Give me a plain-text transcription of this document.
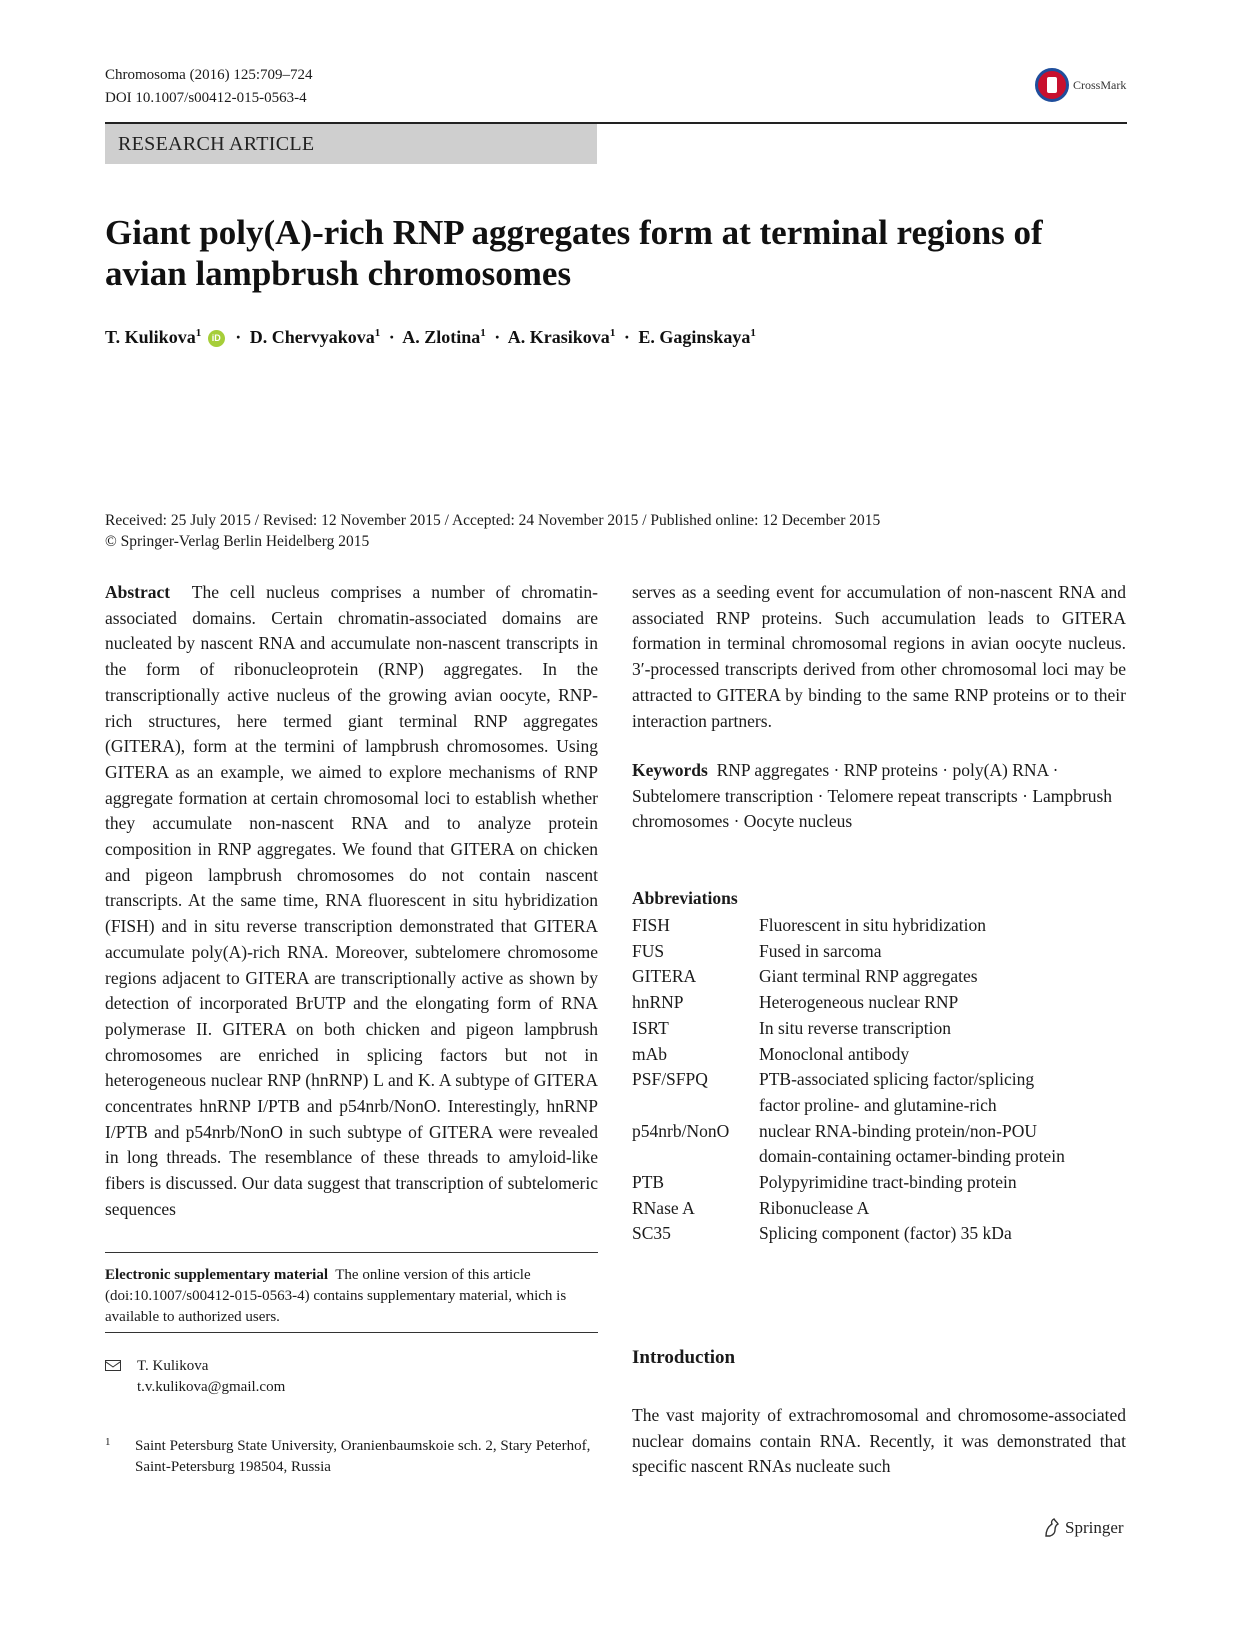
Chromosoma (2016) 125:709–724
DOI 10.1007/s00412-015-0563-4
CrossMark
RESEARCH ARTICLE
Giant poly(A)-rich RNP aggregates form at terminal regions of avian lampbrush chromosomes
T. Kulikova$^1$ iD · D. Chervyakova$^1$ · A. Zlotina$^1$ · A. Krasikova$^1$ · E. Gaginskaya$^1$
Received: 25 July 2015 / Revised: 12 November 2015 / Accepted: 24 November 2015 / Published online: 12 December 2015
© Springer-Verlag Berlin Heidelberg 2015
Abstract The cell nucleus comprises a number of chromatin-associated domains. Certain chromatin-associated domains are nucleated by nascent RNA and accumulate non-nascent transcripts in the form of ribonucleoprotein (RNP) aggregates. In the transcriptionally active nucleus of the growing avian oocyte, RNP-rich structures, here termed giant terminal RNP aggregates (GITERA), form at the termini of lampbrush chromosomes. Using GITERA as an example, we aimed to explore mechanisms of RNP aggregate formation at certain chromosomal loci to establish whether they accumulate non-nascent RNA and to analyze protein composition in RNP aggregates. We found that GITERA on chicken and pigeon lampbrush chromosomes do not contain nascent transcripts. At the same time, RNA fluorescent in situ hybridization (FISH) and in situ reverse transcription demonstrated that GITERA accumulate poly(A)-rich RNA. Moreover, subtelomere chromosome regions adjacent to GITERA are transcriptionally active as shown by detection of incorporated BrUTP and the elongating form of RNA polymerase II. GITERA on both chicken and pigeon lampbrush chromosomes are enriched in splicing factors but not in heterogeneous nuclear RNP (hnRNP) L and K. A subtype of GITERA concentrates hnRNP I/PTB and p54nrb/NonO. Interestingly, hnRNP I/PTB and p54nrb/NonO in such subtype of GITERA were revealed in long threads. The resemblance of these threads to amyloid-like fibers is discussed. Our data suggest that transcription of subtelomeric sequences
Electronic supplementary material The online version of this article (doi:10.1007/s00412-015-0563-4) contains supplementary material, which is available to authorized users.
T. Kulikova
t.v.kulikova@gmail.com
1 Saint Petersburg State University, Oranienbaumskoie sch. 2, Stary Peterhof, Saint-Petersburg 198504, Russia
serves as a seeding event for accumulation of non-nascent RNA and associated RNP proteins. Such accumulation leads to GITERA formation in terminal chromosomal regions in avian oocyte nucleus. 3′-processed transcripts derived from other chromosomal loci may be attracted to GITERA by binding to the same RNP proteins or to their interaction partners.
Keywords RNP aggregates · RNP proteins · poly(A) RNA · Subtelomere transcription · Telomere repeat transcripts · Lampbrush chromosomes · Oocyte nucleus
Abbreviations
FISH	Fluorescent in situ hybridization
FUS	Fused in sarcoma
GITERA	Giant terminal RNP aggregates
hnRNP	Heterogeneous nuclear RNP
ISRT	In situ reverse transcription
mAb	Monoclonal antibody
PSF/SFPQ	PTB-associated splicing factor/splicing factor proline- and glutamine-rich
p54nrb/NonO	nuclear RNA-binding protein/non-POU domain-containing octamer-binding protein
PTB	Polypyrimidine tract-binding protein
RNase A	Ribonuclease A
SC35	Splicing component (factor) 35 kDa
Introduction
The vast majority of extrachromosomal and chromosome-associated nuclear domains contain RNA. Recently, it was demonstrated that specific nascent RNAs nucleate such
Springer
